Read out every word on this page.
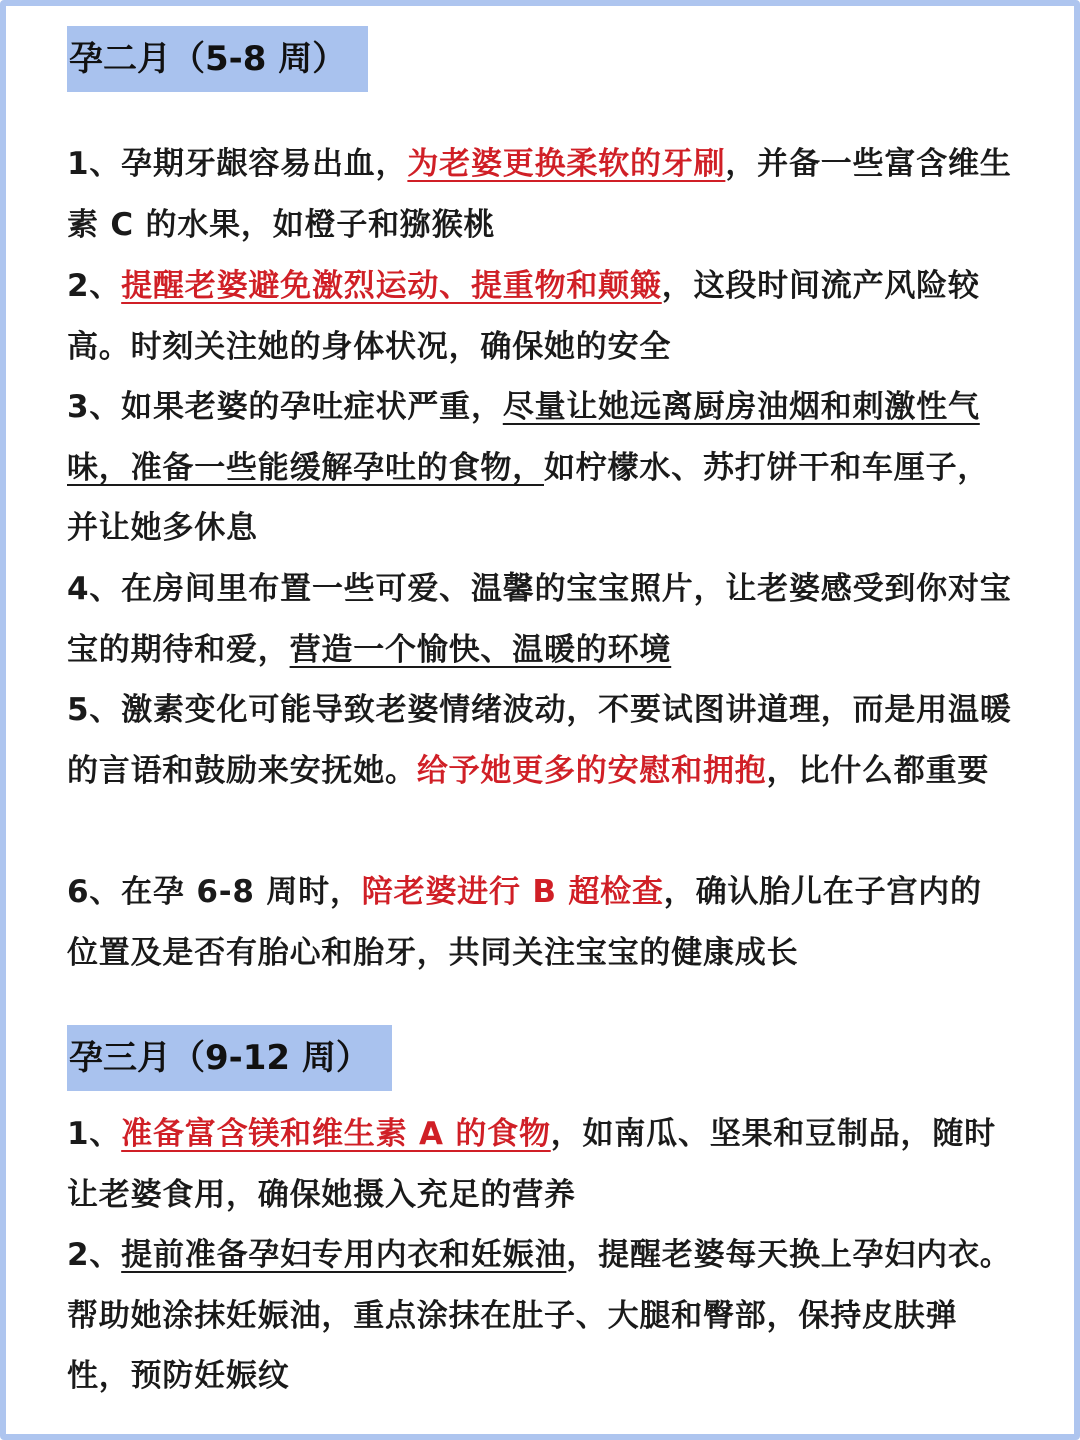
孕二月（5-8 周）
1、孕期牙龈容易出血，为老婆更换柔软的牙刷，并备一些富含维生素 C 的水果，如橙子和猕猴桃
2、提醒老婆避免激烈运动、提重物和颠簸，这段时间流产风险较高。时刻关注她的身体状况，确保她的安全
3、如果老婆的孕吐症状严重，尽量让她远离厨房油烟和刺激性气味，准备一些能缓解孕吐的食物，如柠檬水、苏打饼干和车厘子，并让她多休息
4、在房间里布置一些可爱、温馨的宝宝照片，让老婆感受到你对宝宝的期待和爱，营造一个愉快、温暖的环境
5、激素变化可能导致老婆情绪波动，不要试图讲道理，而是用温暖的言语和鼓励来安抚她。给予她更多的安慰和拥抱，比什么都重要
6、在孕 6-8 周时，陪老婆进行 B 超检查，确认胎儿在子宫内的位置及是否有胎心和胎牙，共同关注宝宝的健康成长
孕三月（9-12 周）
1、准备富含镁和维生素 A 的食物，如南瓜、坚果和豆制品，随时让老婆食用，确保她摄入充足的营养
2、提前准备孕妇专用内衣和妊娠油，提醒老婆每天换上孕妇内衣。帮助她涂抹妊娠油，重点涂抹在肚子、大腿和臀部，保持皮肤弹性，预防妊娠纹
